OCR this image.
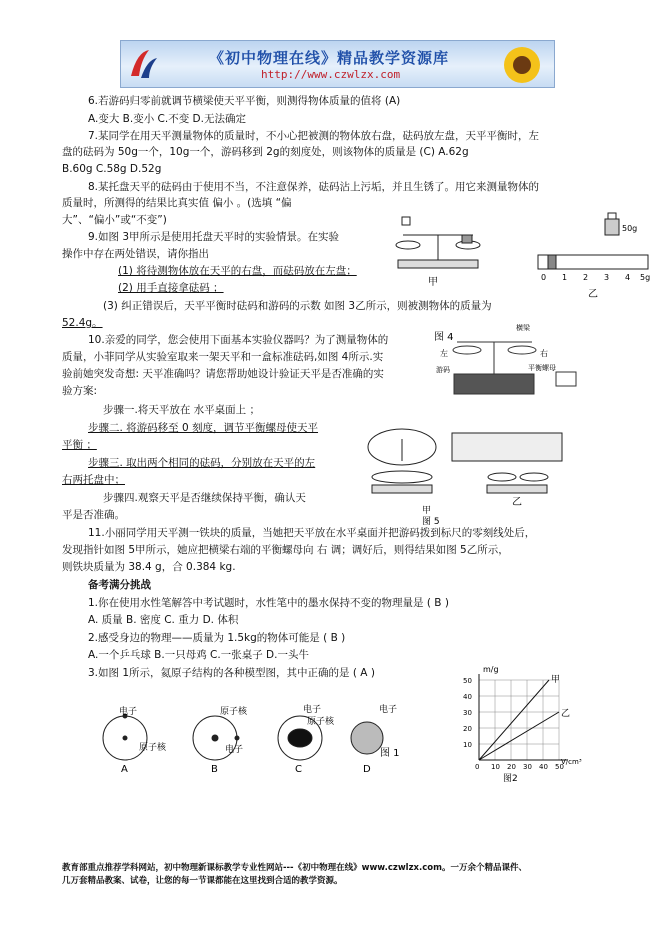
《初中物理在线》精品教学资源库
http://www.czwlzx.com
6.若游码归零前就调节横梁使天平平衡，则测得物体质量的值将 (A)
A.变大 B.变小 C.不变 D.无法确定
7.某同学在用天平测量物体的质量时，不小心把被测的物体放右盘，砝码放左盘，天平平衡时，左
盘的砝码为 50g一个，10g一个，游码移到 2g的刻度处，则该物体的质量是 (C) A.62g
B.60g C.58g D.52g
8.某托盘天平的砝码由于使用不当，不注意保养，砝码沾上污垢，并且生锈了。用它来测量物体的
质量时，所测得的结果比真实值 偏小 。(选填 “偏
大”、“偏小”或“不变”)
9.如图 3甲所示是使用托盘天平时的实验情景。在实验
操作中存在两处错误，请你指出
(1) 将待测物体放在天平的右盘，而砝码放在左盘；
(2) 用手直接拿砝码 ；
(3) 纠正错误后，天平平衡时砝码和游码的示数 如图 3乙所示，则被测物体的质量为
52.4g。
10.亲爱的同学，您会使用下面基本实验仪器吗？为了测量物体的
质量，小菲同学从实验室取来一架天平和一盒标准砝码,如图 4所示.实
验前她突发奇想: 天平准确吗？请您帮助她设计验证天平是否准确的实
验方案:
步骤一.将天平放在 水平桌面上 ；
步骤二. 将游码移至 0 刻度，调节平衡螺母使天平
平衡 ；
步骤三. 取出两个相同的砝码，分别放在天平的左
右两托盘中；
步骤四.观察天平是否继续保持平衡，确认天
平是否准确。
11.小丽同学用天平测一铁块的质量，当她把天平放在水平桌面并把游码拨到标尺的零刻线处后，
发现指针如图 5甲所示，她应把横梁右端的平衡螺母向 右 调；调好后，则得结果如图 5乙所示，
则铁块质量为 38.4 g，合 0.384 kg.
备考满分挑战
1.你在使用水性笔解答中考试题时，水性笔中的墨水保持不变的物理量是 ( B )
A. 质量 B. 密度 C. 重力 D. 体积
2.感受身边的物理——质量为 1.5kg的物体可能是 ( B )
A.一个乒乓球 B.一只母鸡 C.一张桌子 D.一头牛
3.如图 1所示，氦原子结构的各种模型图，其中正确的是 ( A )
50g
0 1 2 3 4 5g
甲
乙
图 4
横梁
左	右
游码	平衡螺母
甲
乙
图 5
电子
原子核
原子核
电子
电子
原子核
电子
A	B	C	D
图 1
m/g
V/cm³
10
20
30
40
50
0 10 20 30 40 50
甲
乙
图2
教育部重点推荐学科网站，初中物理新课标教学专业性网站---《初中物理在线》www.czwlzx.com。一万余个精品课件、
几万套精品教案、试卷，让您的每一节课都能在这里找到合适的教学资源。
